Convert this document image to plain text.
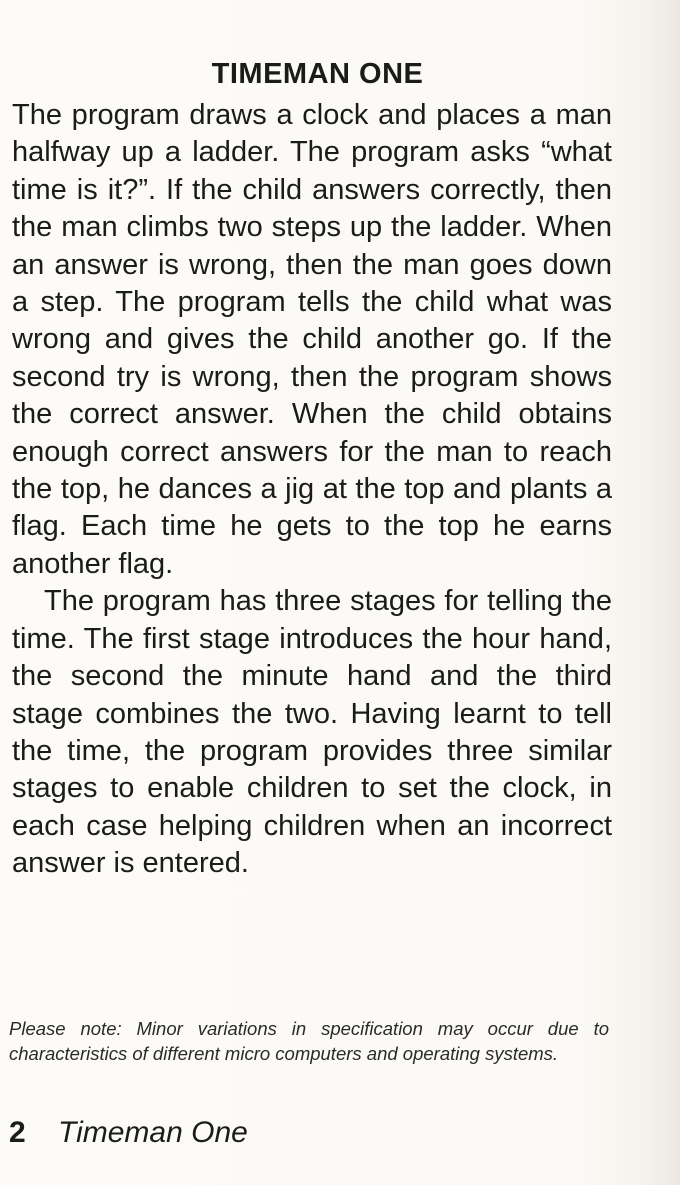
TIMEMAN ONE

The program draws a clock and places a man halfway up a ladder. The program asks “what time is it?”. If the child answers correctly, then the man climbs two steps up the ladder. When an answer is wrong, then the man goes down a step. The program tells the child what was wrong and gives the child another go. If the second try is wrong, then the program shows the correct answer. When the child obtains enough correct answers for the man to reach the top, he dances a jig at the top and plants a flag. Each time he gets to the top he earns another flag.

The program has three stages for telling the time. The first stage introduces the hour hand, the second the minute hand and the third stage combines the two. Having learnt to tell the time, the program provides three similar stages to enable children to set the clock, in each case helping children when an incorrect answer is entered.

Please note: Minor variations in specification may occur due to characteristics of different micro computers and operating systems.
2 Timeman One
